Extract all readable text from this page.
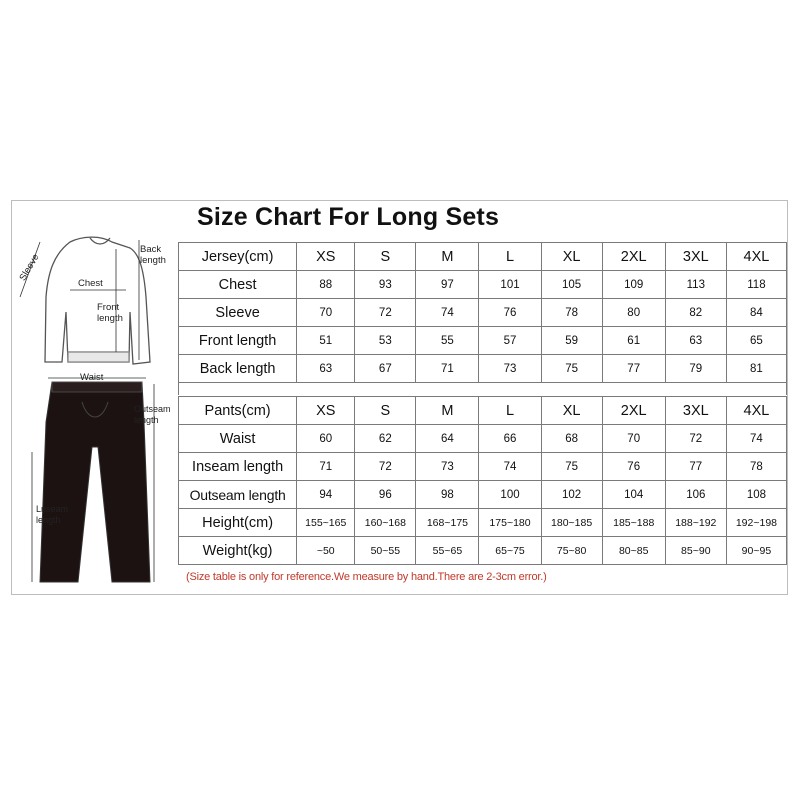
Size Chart For Long Sets
Sleeve
Back
length
Chest
Front
length
Waist
Outseam
length
Lnseam
length
Jersey(cm)	XS	S	M	L	XL	2XL	3XL	4XL
Chest	88	93	97	101	105	109	113	118
Sleeve	70	72	74	76	78	80	82	84
Front length	51	53	55	57	59	61	63	65
Back length	63	67	71	73	75	77	79	81
Pants(cm)	XS	S	M	L	XL	2XL	3XL	4XL
Waist	60	62	64	66	68	70	72	74
Inseam length	71	72	73	74	75	76	77	78
Outseam length	94	96	98	100	102	104	106	108
Height(cm)	155~165	160~168	168~175	175~180	180~185	185~188	188~192	192~198
Weight(kg)	~50	50~55	55~65	65~75	75~80	80~85	85~90	90~95
(Size table is only for reference.We measure by hand.There are 2-3cm error.)
